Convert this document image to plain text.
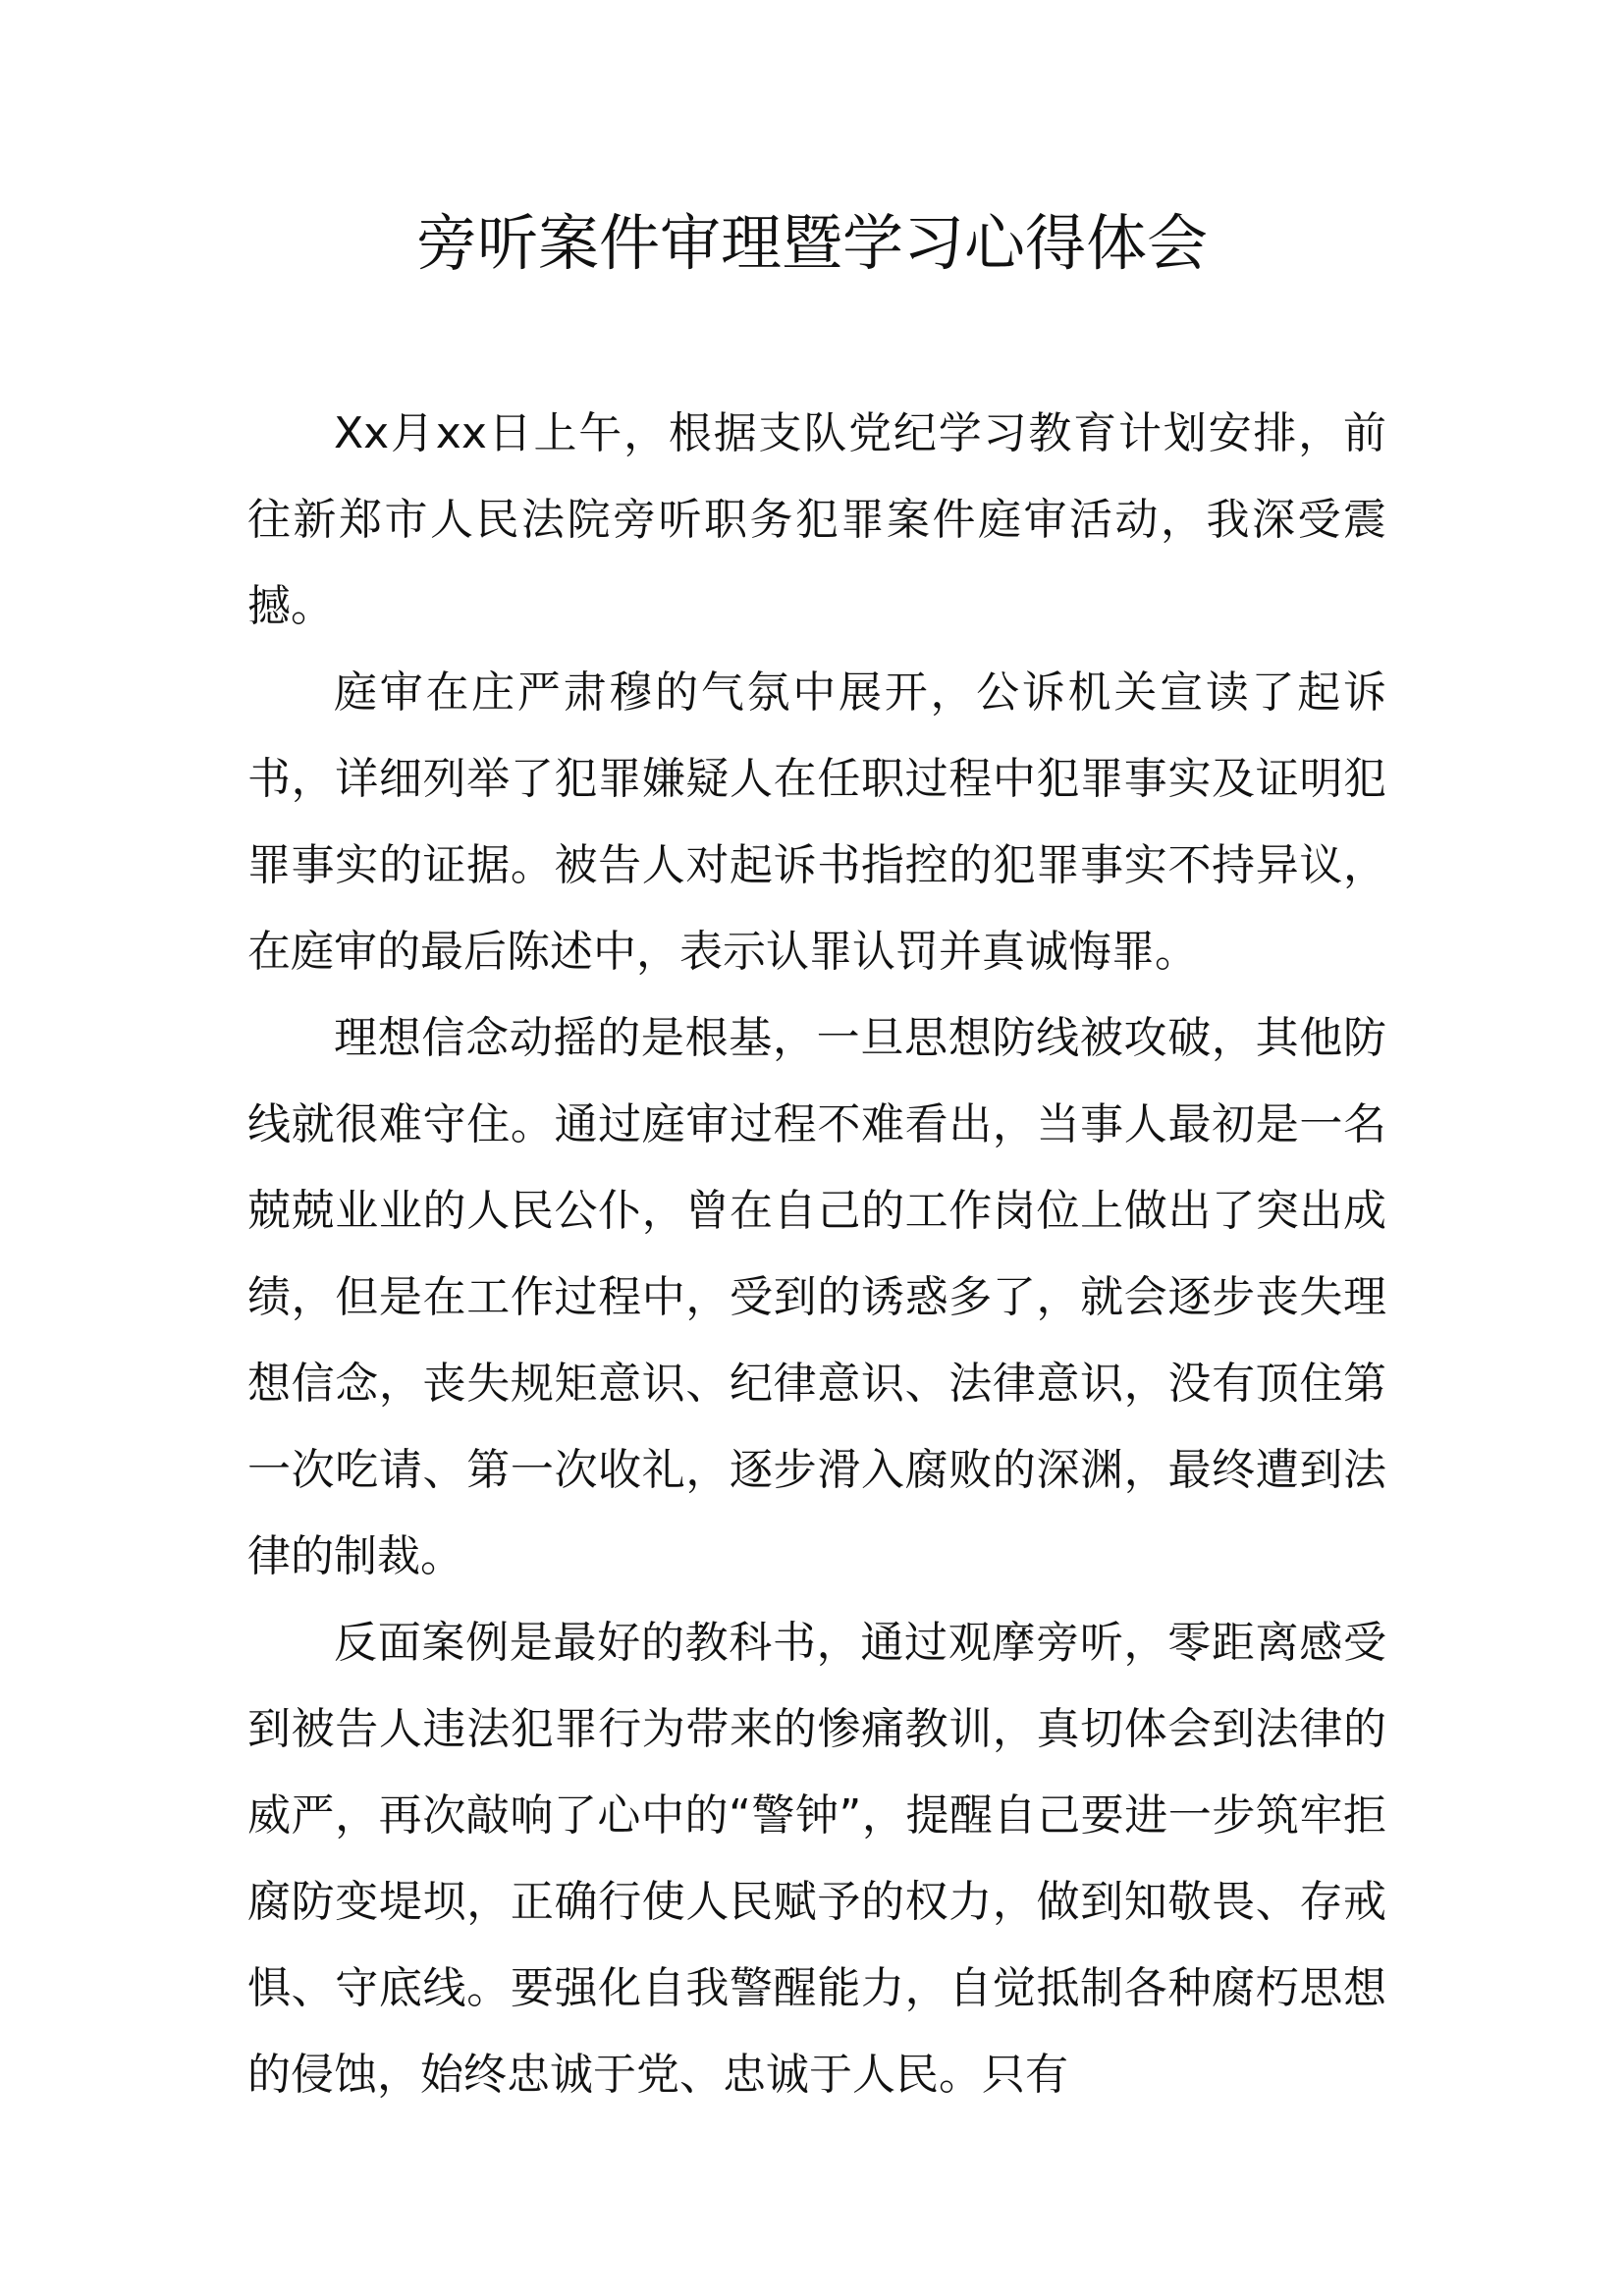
旁听案件审理暨学习心得体会

Xx月xx日上午，根据支队党纪学习教育计划安排，前往新郑市人民法院旁听职务犯罪案件庭审活动，我深受震撼。

庭审在庄严肃穆的气氛中展开，公诉机关宣读了起诉书，详细列举了犯罪嫌疑人在任职过程中犯罪事实及证明犯罪事实的证据。被告人对起诉书指控的犯罪事实不持异议，在庭审的最后陈述中，表示认罪认罚并真诚悔罪。

理想信念动摇的是根基，一旦思想防线被攻破，其他防线就很难守住。通过庭审过程不难看出，当事人最初是一名兢兢业业的人民公仆，曾在自己的工作岗位上做出了突出成绩，但是在工作过程中，受到的诱惑多了，就会逐步丧失理想信念，丧失规矩意识、纪律意识、法律意识，没有顶住第一次吃请、第一次收礼，逐步滑入腐败的深渊，最终遭到法律的制裁。

反面案例是最好的教科书，通过观摩旁听，零距离感受到被告人违法犯罪行为带来的惨痛教训，真切体会到法律的威严，再次敲响了心中的“警钟”，提醒自己要进一步筑牢拒腐防变堤坝，正确行使人民赋予的权力，做到知敬畏、存戒惧、守底线。要强化自我警醒能力，自觉抵制各种腐朽思想的侵蚀，始终忠诚于党、忠诚于人民。只有
